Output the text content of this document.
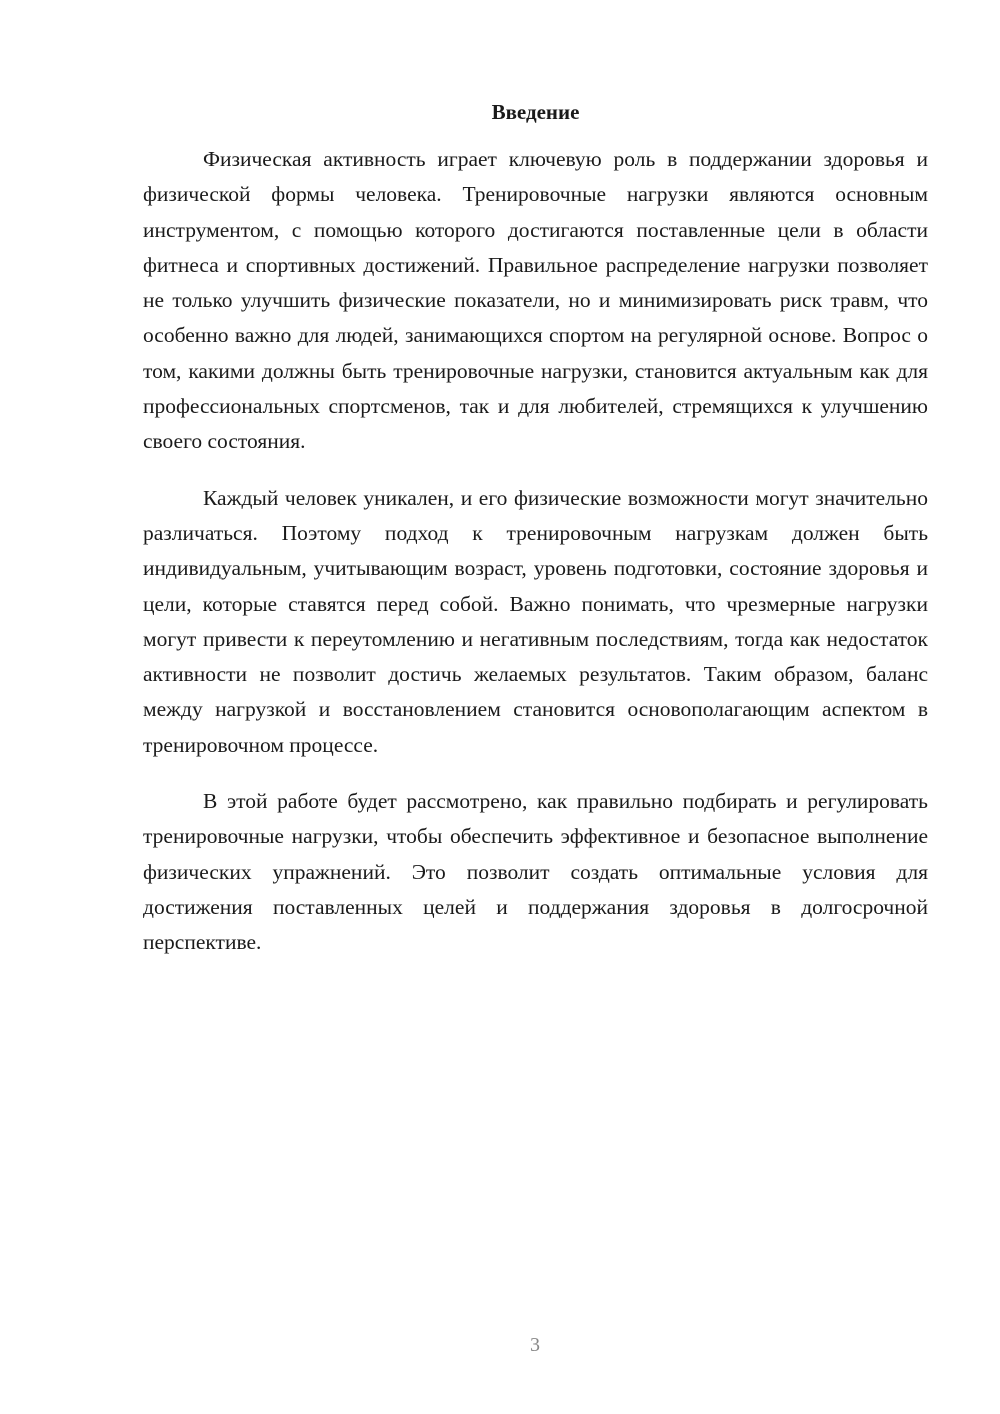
Введение

Физическая активность играет ключевую роль в поддержании здоровья и физической формы человека. Тренировочные нагрузки являются основным инструментом, с помощью которого достигаются поставленные цели в области фитнеса и спортивных достижений. Правильное распределение нагрузки позволяет не только улучшить физические показатели, но и минимизировать риск травм, что особенно важно для людей, занимающихся спортом на регулярной основе. Вопрос о том, какими должны быть тренировочные нагрузки, становится актуальным как для профессиональных спортсменов, так и для любителей, стремящихся к улучшению своего состояния.

Каждый человек уникален, и его физические возможности могут значительно различаться. Поэтому подход к тренировочным нагрузкам должен быть индивидуальным, учитывающим возраст, уровень подготовки, состояние здоровья и цели, которые ставятся перед собой. Важно понимать, что чрезмерные нагрузки могут привести к переутомлению и негативным последствиям, тогда как недостаток активности не позволит достичь желаемых результатов. Таким образом, баланс между нагрузкой и восстановлением становится основополагающим аспектом в тренировочном процессе.

В этой работе будет рассмотрено, как правильно подбирать и регулировать тренировочные нагрузки, чтобы обеспечить эффективное и безопасное выполнение физических упражнений. Это позволит создать оптимальные условия для достижения поставленных целей и поддержания здоровья в долгосрочной перспективе.

3
